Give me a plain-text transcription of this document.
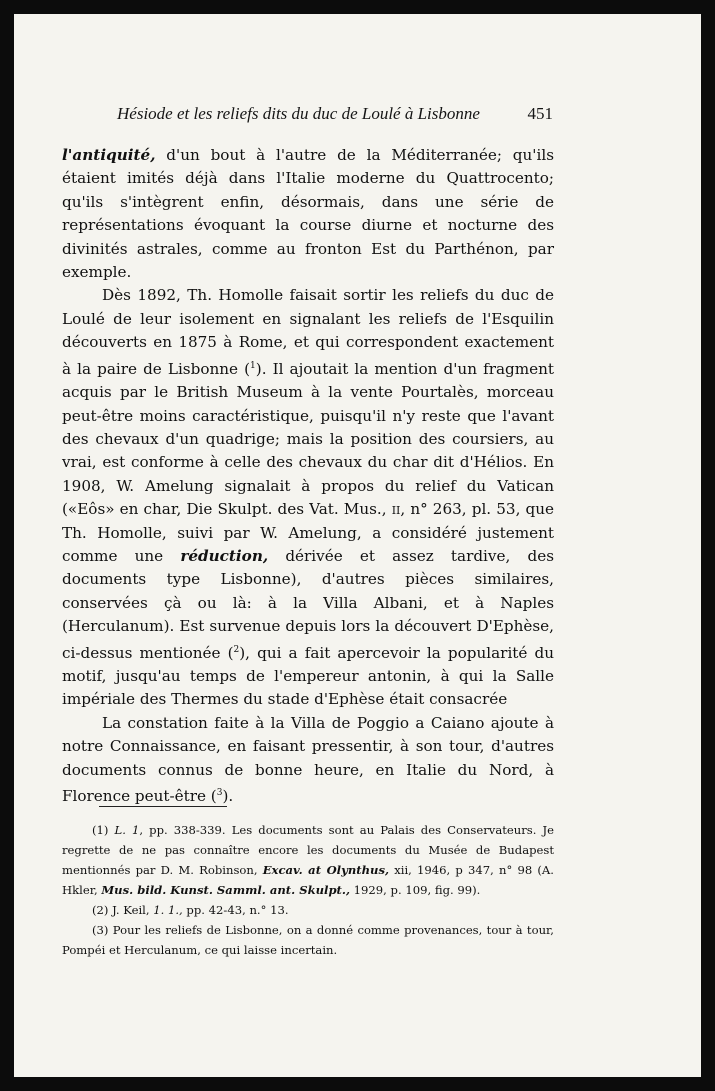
Hésiode et les reliefs dits du duc de Loulé à Lisbonne	451

l'antiquité, d'un bout à l'autre de la Méditerranée; qu'ils étaient imités déjà dans l'Italie moderne du Quattrocento; qu'ils s'intègrent enfin, désormais, dans une série de représentations évoquant la course diurne et nocturne des divinités astrales, comme au fronton Est du Parthénon, par exemple.

Dès 1892, Th. Homolle faisait sortir les reliefs du duc de Loulé de leur isolement en signalant les reliefs de l'Esquilin découverts en 1875 à Rome, et qui correspondent exactement à la paire de Lisbonne ($^1$). Il ajoutait la mention d'un fragment acquis par le British Museum à la vente Pourtalès, morceau peut-être moins caractéristique, puisqu'il n'y reste que l'avant des chevaux d'un quadrige; mais la position des coursiers, au vrai, est conforme à celle des chevaux du char dit d'Hélios. En 1908, W. Amelung signalait à propos du relief du Vatican («Eôs» en char, Die Skulpt. des Vat. Mus., ii, n° 263, pl. 53, que Th. Homolle, suivi par W. Amelung, a considéré justement comme une réduction, dérivée et assez tardive, des documents type Lisbonne), d'autres pièces similaires, conservées çà ou là: à la Villa Albani, et à Naples (Herculanum). Est survenue depuis lors la découvert D'Ephèse, ci-dessus mentionée ($^2$), qui a fait apercevoir la popularité du motif, jusqu'au temps de l'empereur antonin, à qui la Salle impériale des Thermes du stade d'Ephèse était consacrée

La constation faite à la Villa de Poggio a Caiano ajoute à notre Connaissance, en faisant pressentir, à son tour, d'autres documents connus de bonne heure, en Italie du Nord, à Florence peut-être ($^3$).

(1) L. 1, pp. 338-339. Les documents sont au Palais des Conservateurs. Je regrette de ne pas connaître encore les documents du Musée de Budapest mentionnés par D. M. Robinson, Excav. at Olynthus, xii, 1946, p 347, n° 98 (A. Hkler, Mus. bild. Kunst. Samml. ant. Skulpt., 1929, p. 109, fig. 99).

(2) J. Keil, 1. 1., pp. 42-43, n.° 13.

(3) Pour les reliefs de Lisbonne, on a donné comme provenances, tour à tour, Pompéi et Herculanum, ce qui laisse incertain.
